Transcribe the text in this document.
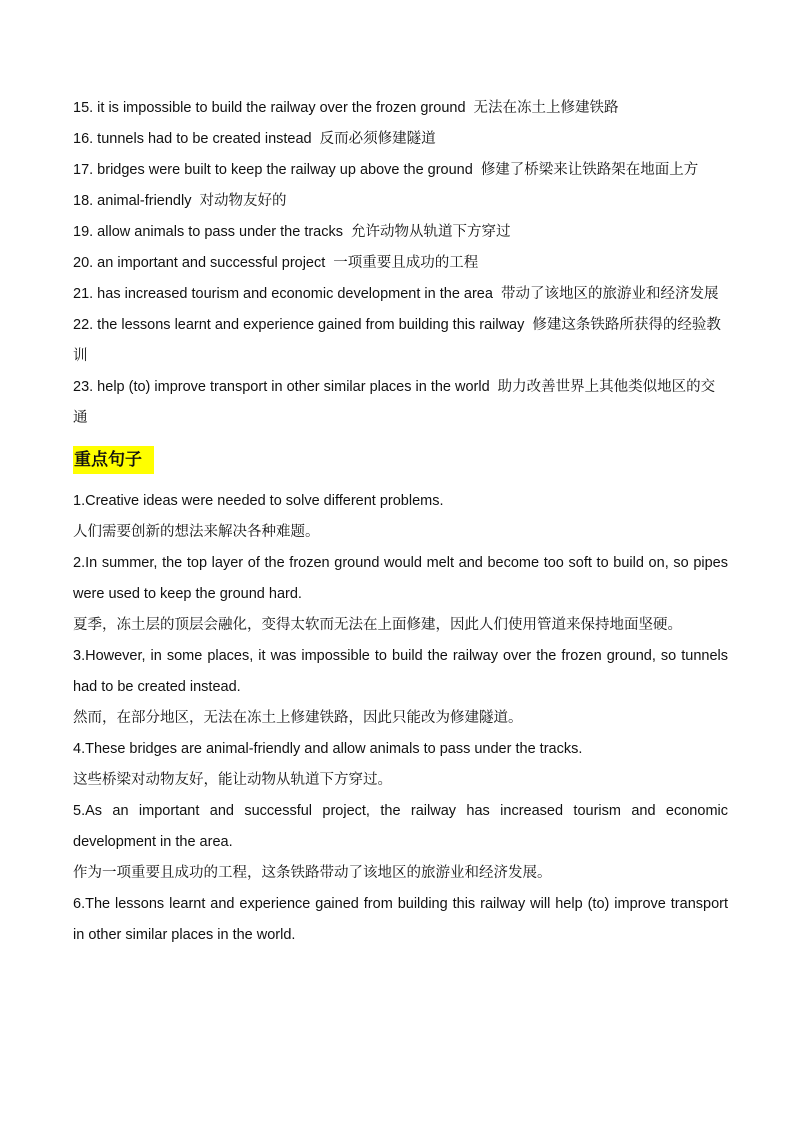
15. it is impossible to build the railway over the frozen ground 无法在冻土上修建铁路
16. tunnels had to be created instead 反而必须修建隧道
17. bridges were built to keep the railway up above the ground 修建了桥梁来让铁路架在地面上方
18. animal-friendly 对动物友好的
19. allow animals to pass under the tracks 允许动物从轨道下方穿过
20. an important and successful project 一项重要且成功的工程
21. has increased tourism and economic development in the area 带动了该地区的旅游业和经济发展
22. the lessons learnt and experience gained from building this railway 修建这条铁路所获得的经验教训
23. help (to) improve transport in other similar places in the world 助力改善世界上其他类似地区的交通
重点句子
1.Creative ideas were needed to solve different problems.
人们需要创新的想法来解决各种难题。
2.In summer, the top layer of the frozen ground would melt and become too soft to build on, so pipes were used to keep the ground hard.
夏季，冻土层的顶层会融化，变得太软而无法在上面修建，因此人们使用管道来保持地面坚硬。
3.However, in some places, it was impossible to build the railway over the frozen ground, so tunnels had to be created instead.
然而，在部分地区，无法在冻土上修建铁路，因此只能改为修建隧道。
4.These bridges are animal-friendly and allow animals to pass under the tracks.
这些桥梁对动物友好，能让动物从轨道下方穿过。
5.As an important and successful project, the railway has increased tourism and economic development in the area.
作为一项重要且成功的工程，这条铁路带动了该地区的旅游业和经济发展。
6.The lessons learnt and experience gained from building this railway will help (to) improve transport in other similar places in the world.
